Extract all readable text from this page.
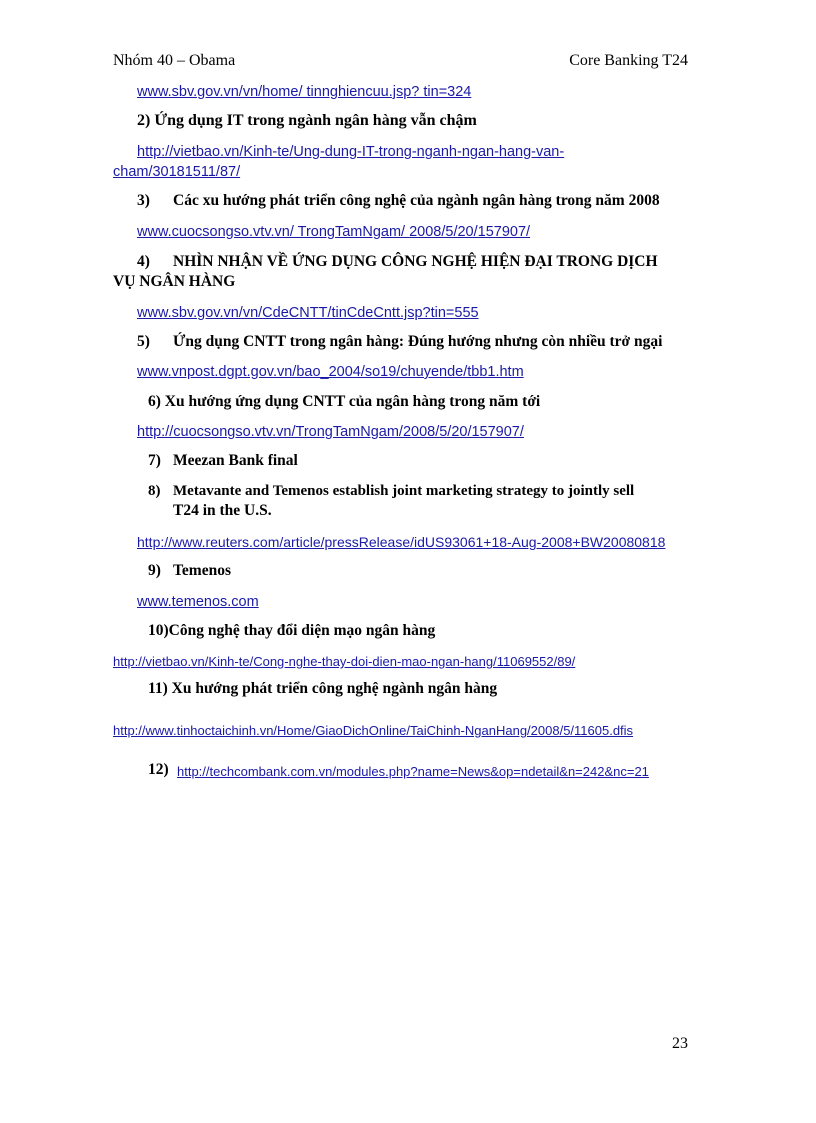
Nhóm 40 – Obama	Core Banking T24
www.sbv.gov.vn/vn/home/ tinnghiencuu.jsp? tin=324
2) Ứng dụng IT trong ngành ngân hàng vẫn chậm
http://vietbao.vn/Kinh-te/Ung-dung-IT-trong-nganh-ngan-hang-van-
cham/30181511/87/
3) Các xu hướng phát triển công nghệ của ngành ngân hàng trong năm 2008
www.cuocsongso.vtv.vn/ TrongTamNgam/ 2008/5/20/157907/
4) NHÌN NHẬN VỀ ỨNG DỤNG CÔNG NGHỆ HIỆN ĐẠI TRONG DỊCH
VỤ NGÂN HÀNG
www.sbv.gov.vn/vn/CdeCNTT/tinCdeCntt.jsp?tin=555
5) Ứng dụng CNTT trong ngân hàng: Đúng hướng nhưng còn nhiều trở ngại
www.vnpost.dgpt.gov.vn/bao_2004/so19/chuyende/tbb1.htm
6) Xu hướng ứng dụng CNTT của ngân hàng trong năm tới
http://cuocsongso.vtv.vn/TrongTamNgam/2008/5/20/157907/
7) Meezan Bank final
8) Metavante and Temenos establish joint marketing strategy to jointly sell
T24 in the U.S.
http://www.reuters.com/article/pressRelease/idUS93061+18-Aug-2008+BW20080818
9) Temenos
www.temenos.com
10)Công nghệ thay đổi diện mạo ngân hàng
http://vietbao.vn/Kinh-te/Cong-nghe-thay-doi-dien-mao-ngan-hang/11069552/89/
11) Xu hướng phát triển công nghệ ngành ngân hàng
http://www.tinhoctaichinh.vn/Home/GiaoDichOnline/TaiChinh-NganHang/2008/5/11605.dfis
12) http://techcombank.com.vn/modules.php?name=News&op=ndetail&n=242&nc=21
23
